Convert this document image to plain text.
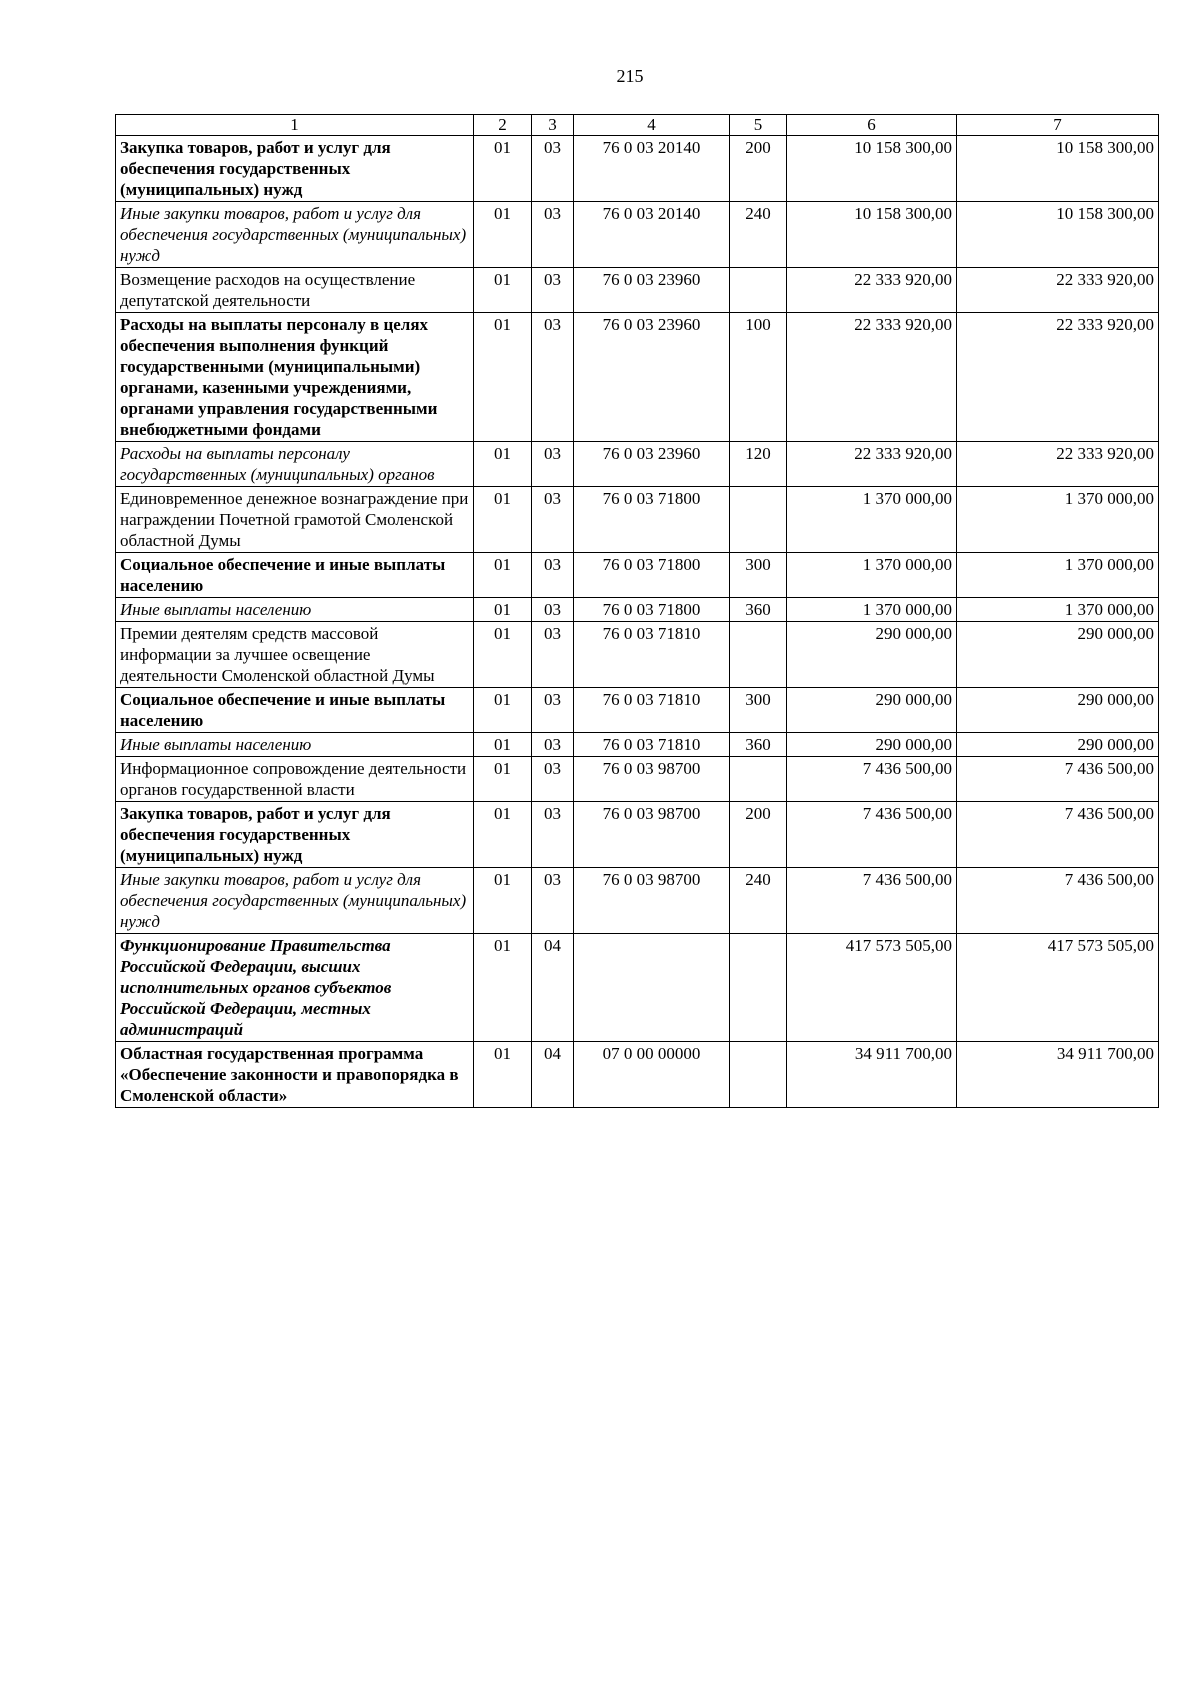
215
1	2	3	4	5	6	7
Закупка товаров, работ и услуг для обеспечения государственных (муниципальных) нужд	01	03	76 0 03 20140	200	10 158 300,00	10 158 300,00
Иные закупки товаров, работ и услуг для обеспечения государственных (муниципальных) нужд	01	03	76 0 03 20140	240	10 158 300,00	10 158 300,00
Возмещение расходов на осуществление депутатской деятельности	01	03	76 0 03 23960		22 333 920,00	22 333 920,00
Расходы на выплаты персоналу в целях обеспечения выполнения функций государственными (муниципальными) органами, казенными учреждениями, органами управления государственными внебюджетными фондами	01	03	76 0 03 23960	100	22 333 920,00	22 333 920,00
Расходы на выплаты персоналу государственных (муниципальных) органов	01	03	76 0 03 23960	120	22 333 920,00	22 333 920,00
Единовременное денежное вознаграждение при награждении Почетной грамотой Смоленской областной Думы	01	03	76 0 03 71800		1 370 000,00	1 370 000,00
Социальное обеспечение и иные выплаты населению	01	03	76 0 03 71800	300	1 370 000,00	1 370 000,00
Иные выплаты населению	01	03	76 0 03 71800	360	1 370 000,00	1 370 000,00
Премии деятелям средств массовой информации за лучшее освещение деятельности Смоленской областной Думы	01	03	76 0 03 71810		290 000,00	290 000,00
Социальное обеспечение и иные выплаты населению	01	03	76 0 03 71810	300	290 000,00	290 000,00
Иные выплаты населению	01	03	76 0 03 71810	360	290 000,00	290 000,00
Информационное сопровождение деятельности органов государственной власти	01	03	76 0 03 98700		7 436 500,00	7 436 500,00
Закупка товаров, работ и услуг для обеспечения государственных (муниципальных) нужд	01	03	76 0 03 98700	200	7 436 500,00	7 436 500,00
Иные закупки товаров, работ и услуг для обеспечения государственных (муниципальных) нужд	01	03	76 0 03 98700	240	7 436 500,00	7 436 500,00
Функционирование Правительства Российской Федерации, высших исполнительных органов субъектов Российской Федерации, местных администраций	01	04			417 573 505,00	417 573 505,00
Областная государственная программа «Обеспечение законности и правопорядка в Смоленской области»	01	04	07 0 00 00000		34 911 700,00	34 911 700,00
